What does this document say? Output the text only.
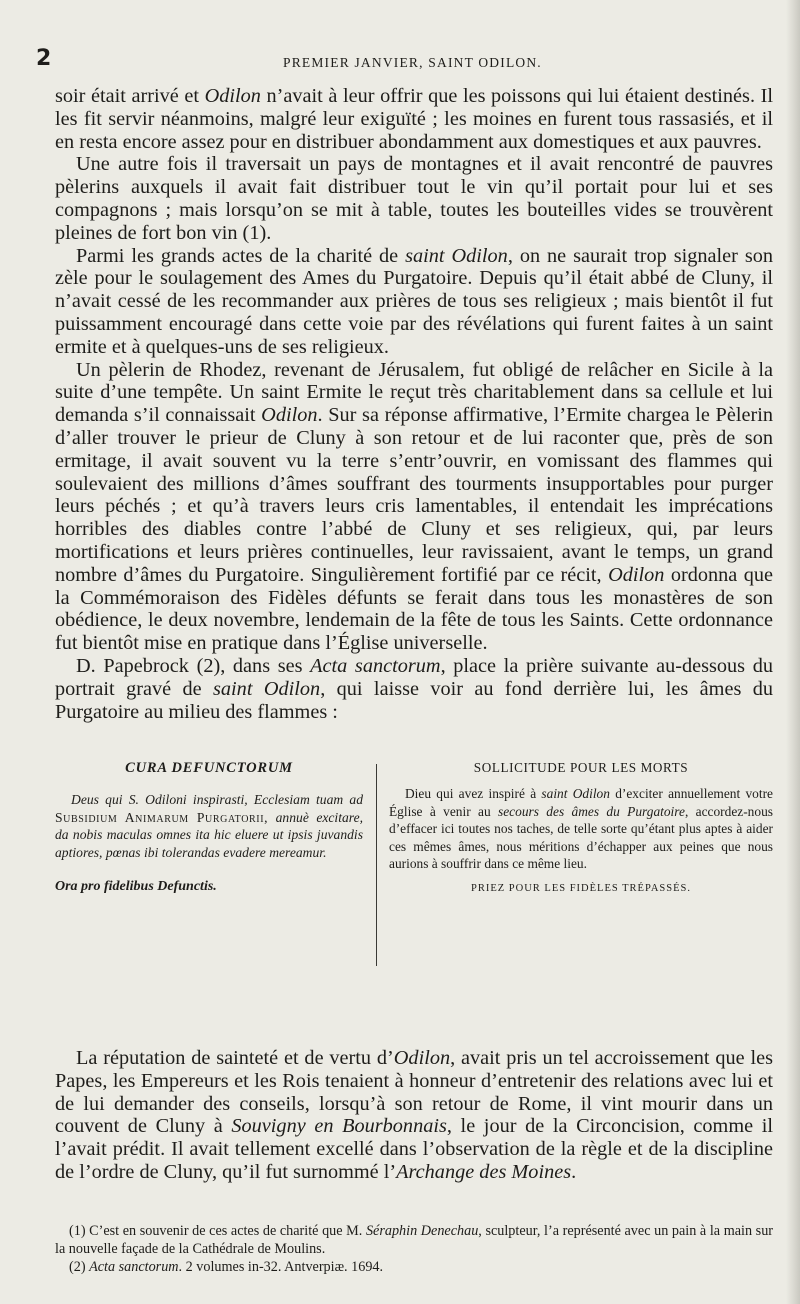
2	PREMIER JANVIER, SAINT ODILON.

soir était arrivé et Odilon n’avait à leur offrir que les poissons qui lui étaient destinés. Il les fit servir néanmoins, malgré leur exiguïté ; les moines en furent tous rassasiés, et il en resta encore assez pour en distribuer abondamment aux domestiques et aux pauvres.

Une autre fois il traversait un pays de montagnes et il avait rencontré de pauvres pèlerins auxquels il avait fait distribuer tout le vin qu’il portait pour lui et ses compagnons ; mais lorsqu’on se mit à table, toutes les bouteilles vides se trouvèrent pleines de fort bon vin (1).

Parmi les grands actes de la charité de saint Odilon, on ne saurait trop signaler son zèle pour le soulagement des Ames du Purgatoire. Depuis qu’il était abbé de Cluny, il n’avait cessé de les recommander aux prières de tous ses religieux ; mais bientôt il fut puissamment encouragé dans cette voie par des révélations qui furent faites à un saint ermite et à quelques-uns de ses religieux.

Un pèlerin de Rhodez, revenant de Jérusalem, fut obligé de relâcher en Sicile à la suite d’une tempête. Un saint Ermite le reçut très charitablement dans sa cellule et lui demanda s’il connaissait Odilon. Sur sa réponse affirmative, l’Ermite chargea le Pèlerin d’aller trouver le prieur de Cluny à son retour et de lui raconter que, près de son ermitage, il avait souvent vu la terre s’entr’ouvrir, en vomissant des flammes qui soulevaient des millions d’âmes souffrant des tourments insupportables pour purger leurs péchés ; et qu’à travers leurs cris lamentables, il entendait les imprécations horribles des diables contre l’abbé de Cluny et ses religieux, qui, par leurs mortifications et leurs prières continuelles, leur ravissaient, avant le temps, un grand nombre d’âmes du Purgatoire. Singulièrement fortifié par ce récit, Odilon ordonna que la Commémoraison des Fidèles défunts se ferait dans tous les monastères de son obédience, le deux novembre, lendemain de la fête de tous les Saints. Cette ordonnance fut bientôt mise en pratique dans l’Église universelle.

D. Papebrock (2), dans ses Acta sanctorum, place la prière suivante au-dessous du portrait gravé de saint Odilon, qui laisse voir au fond derrière lui, les âmes du Purgatoire au milieu des flammes :

CURA DEFUNCTORUM

Deus qui S. Odiloni inspirasti, Ecclesiam tuam ad Subsidium Animarum Purgatorii, annuè excitare, da nobis maculas omnes ita hic eluere ut ipsis juvandis aptiores, pœnas ibi tolerandas evadere mereamur.

Ora pro fidelibus Defunctis.

SOLLICITUDE POUR LES MORTS

Dieu qui avez inspiré à saint Odilon d’exciter annuellement votre Église à venir au secours des âmes du Purgatoire, accordez-nous d’effacer ici toutes nos taches, de telle sorte qu’étant plus aptes à aider ces mêmes âmes, nous méritions d’échapper aux peines que nous aurions à souffrir dans ce même lieu.

PRIEZ POUR LES FIDÈLES TRÉPASSÉS.

La réputation de sainteté et de vertu d’Odilon, avait pris un tel accroissement que les Papes, les Empereurs et les Rois tenaient à honneur d’entretenir des relations avec lui et de lui demander des conseils, lorsqu’à son retour de Rome, il vint mourir dans un couvent de Cluny à Souvigny en Bourbonnais, le jour de la Circoncision, comme il l’avait prédit. Il avait tellement excellé dans l’observation de la règle et de la discipline de l’ordre de Cluny, qu’il fut surnommé l’Archange des Moines.

(1) C’est en souvenir de ces actes de charité que M. Séraphin Denechau, sculpteur, l’a représenté avec un pain à la main sur la nouvelle façade de la Cathédrale de Moulins.

(2) Acta sanctorum. 2 volumes in-32. Antverpiæ. 1694.
